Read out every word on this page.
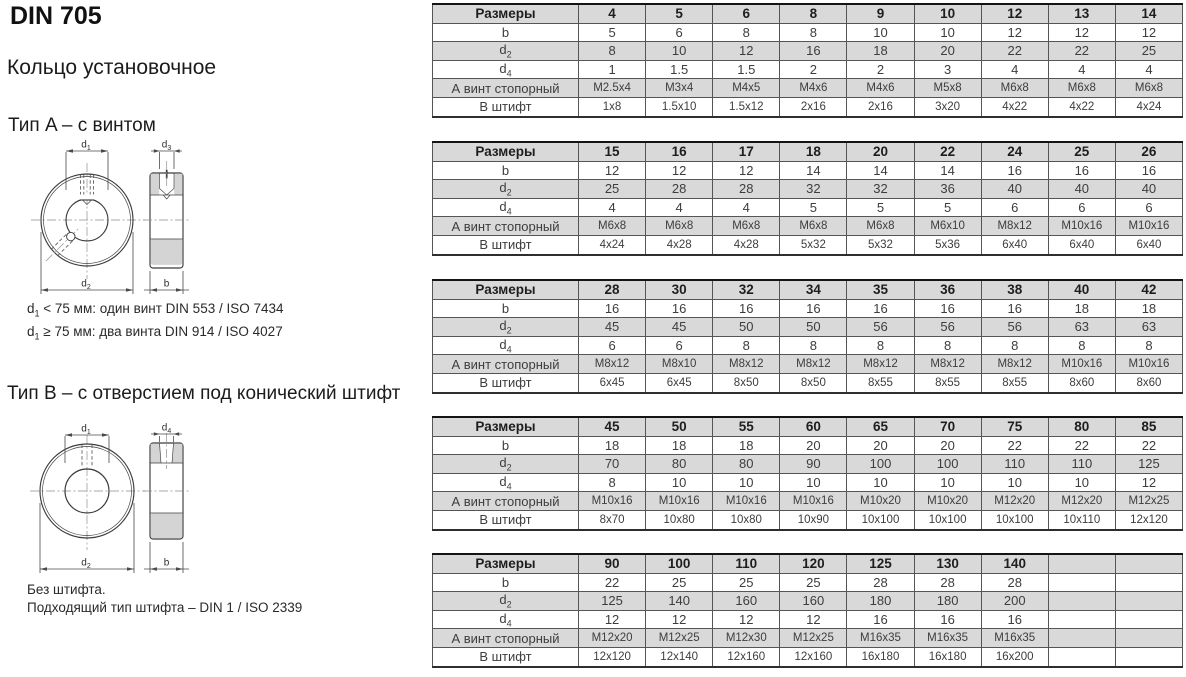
DIN 705
Кольцо установочное
Тип A – с винтом
$d_1$
$d_2$
$d_3$
b
$d_1 < 75$ мм: один винт DIN 553 / ISO 7434
$d_1 \ge 75$ мм: два винта DIN 914 / ISO 4027
Тип B – с отверстием под конический штифт
$d_1$
$d_2$
$d_4$
b
Без штифта.
Подходящий тип штифта – DIN 1 / ISO 2339
Размеры	4	5	6	8	9	10	12	13	14
b	5	6	8	8	10	10	12	12	12
$d_2$	8	10	12	16	18	20	22	22	25
$d_4$	1	1.5	1.5	2	2	3	4	4	4
А винт стопорный	M2.5x4	M3x4	M4x5	M4x6	M4x6	M5x8	M6x8	M6x8	M6x8
В штифт	1x8	1.5x10	1.5x12	2x16	2x16	3x20	4x22	4x22	4x24
Размеры	15	16	17	18	20	22	24	25	26
b	12	12	12	14	14	14	16	16	16
$d_2$	25	28	28	32	32	36	40	40	40
$d_4$	4	4	4	5	5	5	6	6	6
А винт стопорный	M6x8	M6x8	M6x8	M6x8	M6x8	M6x10	M8x12	M10x16	M10x16
В штифт	4x24	4x28	4x28	5x32	5x32	5x36	6x40	6x40	6x40
Размеры	28	30	32	34	35	36	38	40	42
b	16	16	16	16	16	16	16	18	18
$d_2$	45	45	50	50	56	56	56	63	63
$d_4$	6	6	8	8	8	8	8	8	8
А винт стопорный	M8x12	M8x10	M8x12	M8x12	M8x12	M8x12	M8x12	M10x16	M10x16
В штифт	6x45	6x45	8x50	8x50	8x55	8x55	8x55	8x60	8x60
Размеры	45	50	55	60	65	70	75	80	85
b	18	18	18	20	20	20	22	22	22
$d_2$	70	80	80	90	100	100	110	110	125
$d_4$	8	10	10	10	10	10	10	10	12
А винт стопорный	M10x16	M10x16	M10x16	M10x16	M10x20	M10x20	M12x20	M12x20	M12x25
В штифт	8x70	10x80	10x80	10x90	10x100	10x100	10x100	10x110	12x120
Размеры	90	100	110	120	125	130	140		
b	22	25	25	25	28	28	28		
$d_2$	125	140	160	160	180	180	200		
$d_4$	12	12	12	12	16	16	16		
А винт стопорный	M12x20	M12x25	M12x30	M12x25	M16x35	M16x35	M16x35		
В штифт	12x120	12x140	12x160	12x160	16x180	16x180	16x200		
